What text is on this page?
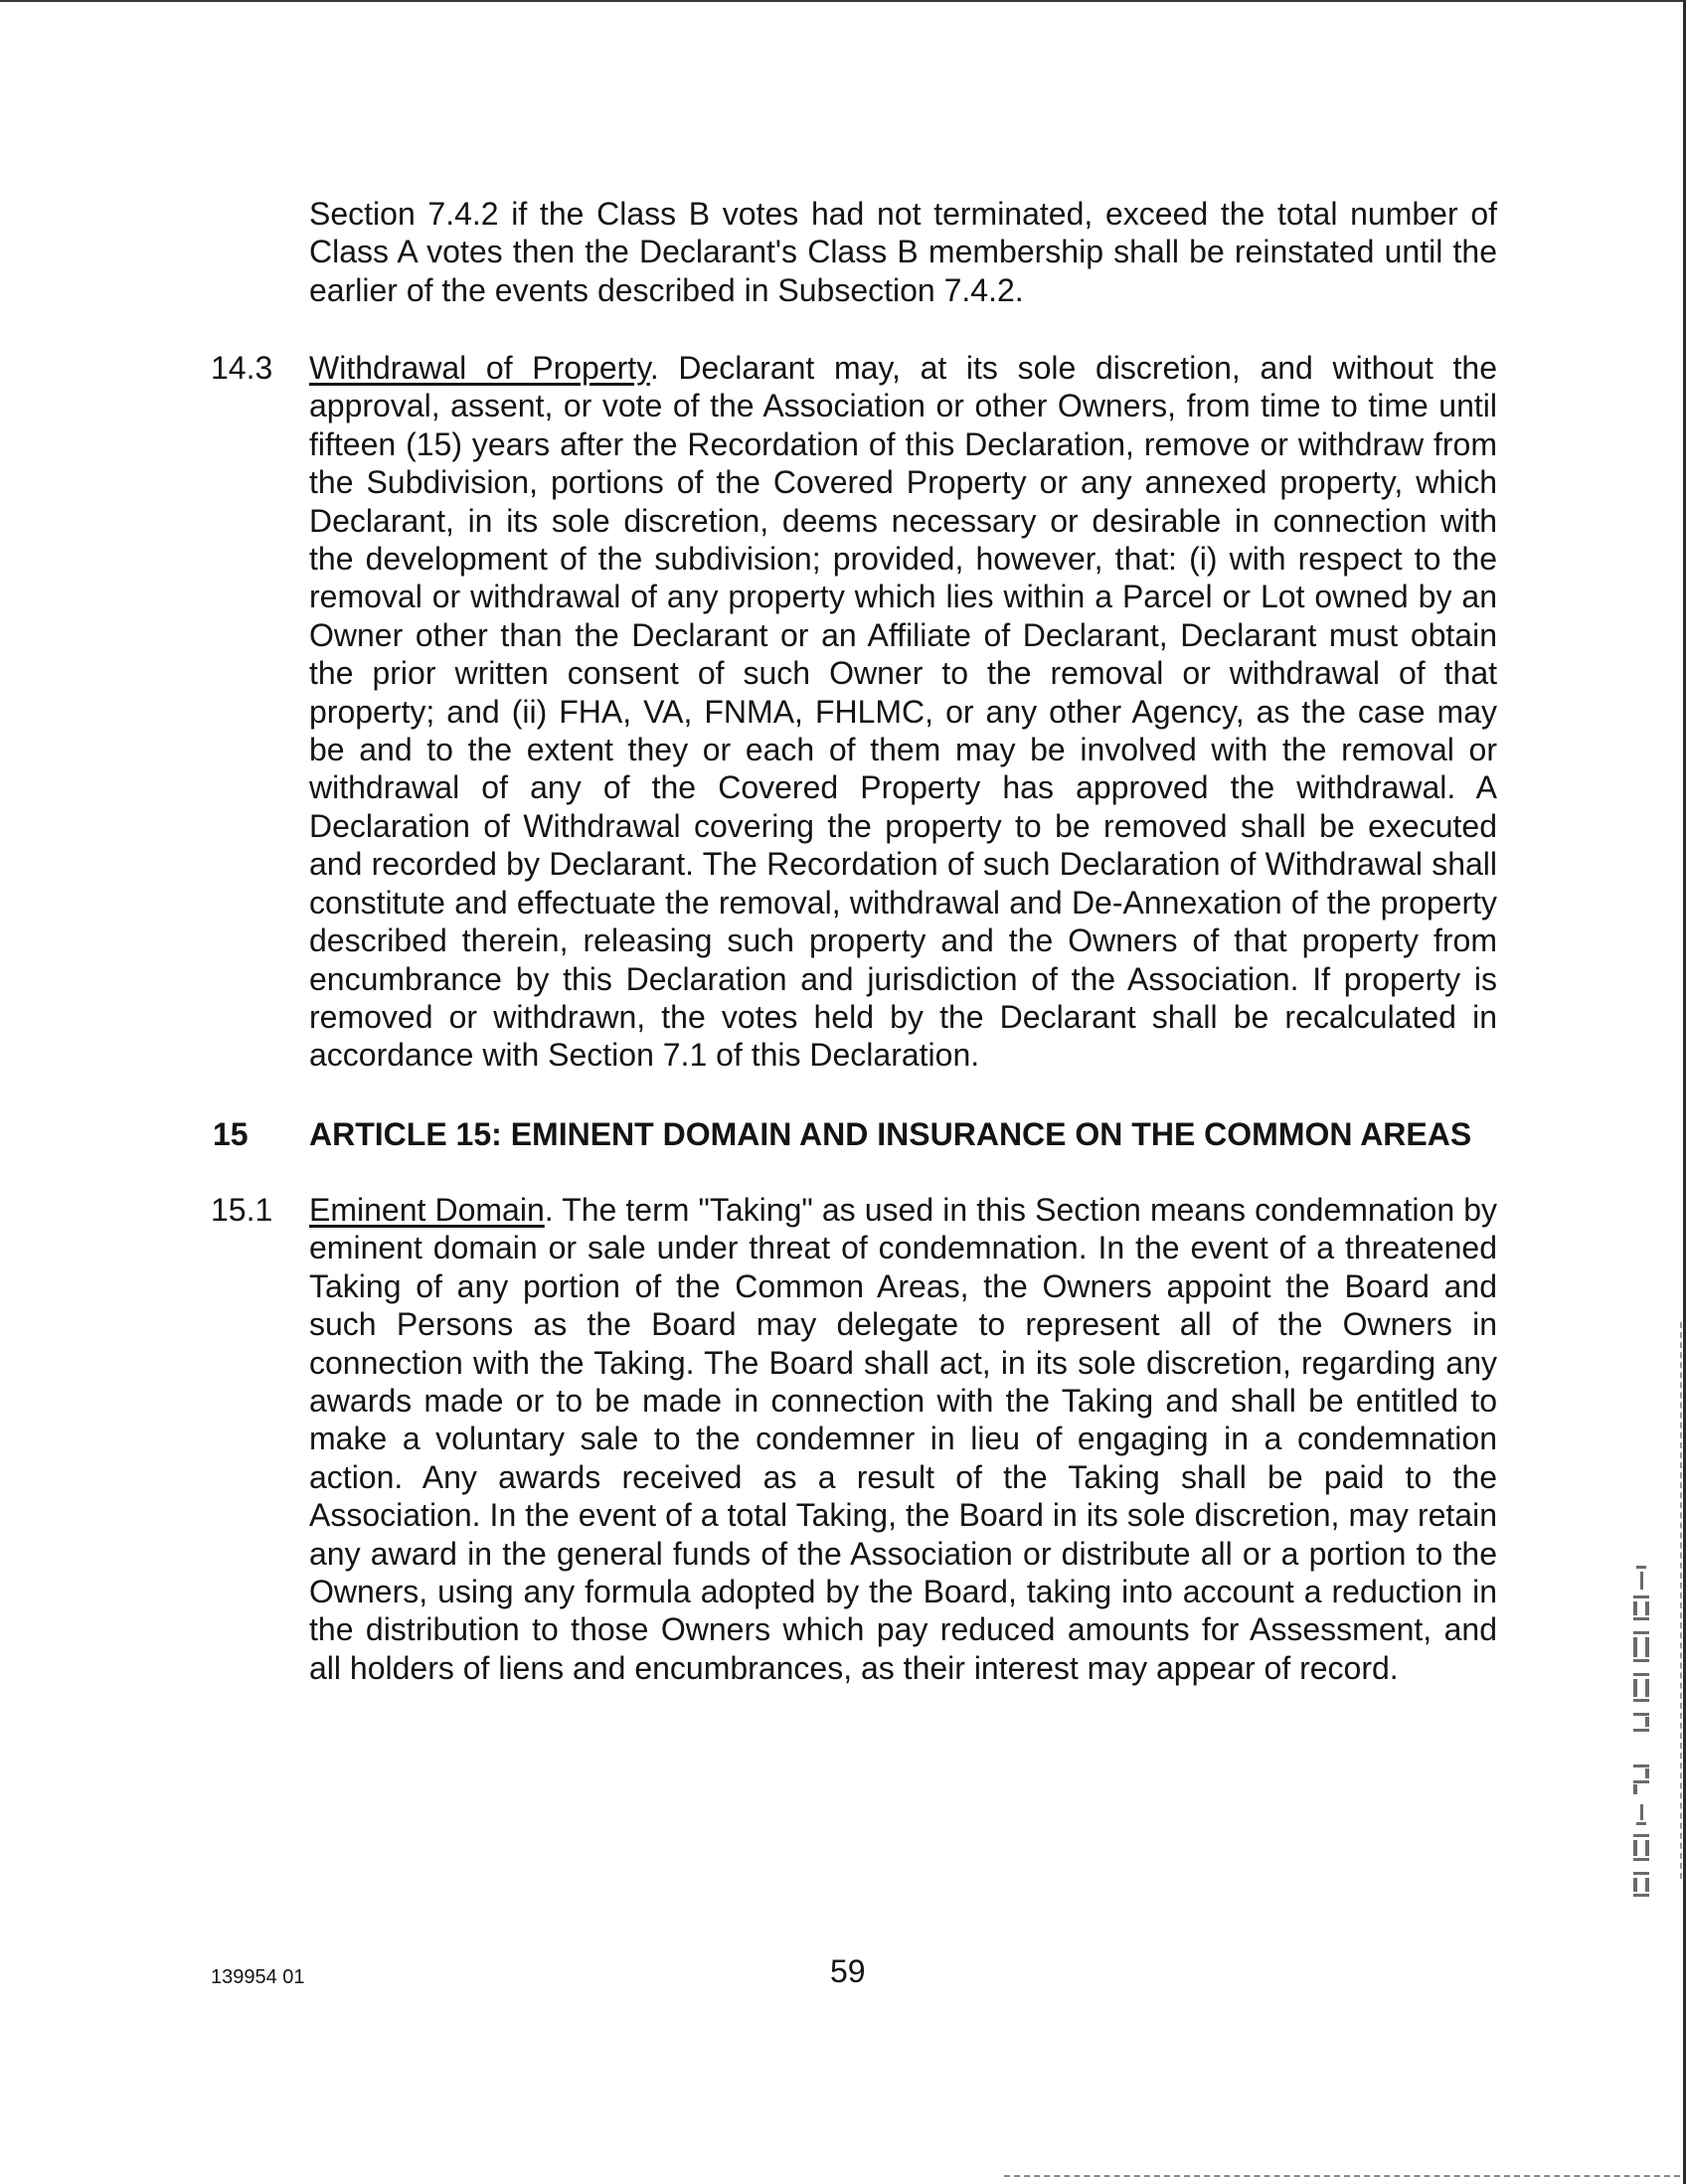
Section 7.4.2 if the Class B votes had not terminated, exceed the total number of Class A votes then the Declarant's Class B membership shall be reinstated until the earlier of the events described in Subsection 7.4.2.
14.3 Withdrawal of Property. Declarant may, at its sole discretion, and without the approval, assent, or vote of the Association or other Owners, from time to time until fifteen (15) years after the Recordation of this Declaration, remove or withdraw from the Subdivision, portions of the Covered Property or any annexed property, which Declarant, in its sole discretion, deems necessary or desirable in connection with the development of the subdivision; provided, however, that: (i) with respect to the removal or withdrawal of any property which lies within a Parcel or Lot owned by an Owner other than the Declarant or an Affiliate of Declarant, Declarant must obtain the prior written consent of such Owner to the removal or withdrawal of that property; and (ii) FHA, VA, FNMA, FHLMC, or any other Agency, as the case may be and to the extent they or each of them may be involved with the removal or withdrawal of any of the Covered Property has approved the withdrawal. A Declaration of Withdrawal covering the property to be removed shall be executed and recorded by Declarant. The Recordation of such Declaration of Withdrawal shall constitute and effectuate the removal, withdrawal and De-Annexation of the property described therein, releasing such property and the Owners of that property from encumbrance by this Declaration and jurisdiction of the Association. If property is removed or withdrawn, the votes held by the Declarant shall be recalculated in accordance with Section 7.1 of this Declaration.
15 ARTICLE 15: EMINENT DOMAIN AND INSURANCE ON THE COMMON AREAS
15.1 Eminent Domain. The term "Taking" as used in this Section means condemnation by eminent domain or sale under threat of condemnation. In the event of a threatened Taking of any portion of the Common Areas, the Owners appoint the Board and such Persons as the Board may delegate to represent all of the Owners in connection with the Taking. The Board shall act, in its sole discretion, regarding any awards made or to be made in connection with the Taking and shall be entitled to make a voluntary sale to the condemner in lieu of engaging in a condemnation action. Any awards received as a result of the Taking shall be paid to the Association. In the event of a total Taking, the Board in its sole discretion, may retain any award in the general funds of the Association or distribute all or a portion to the Owners, using any formula adopted by the Board, taking into account a reduction in the distribution to those Owners which pay reduced amounts for Assessment, and all holders of liens and encumbrances, as their interest may appear of record.
139954 01	59
